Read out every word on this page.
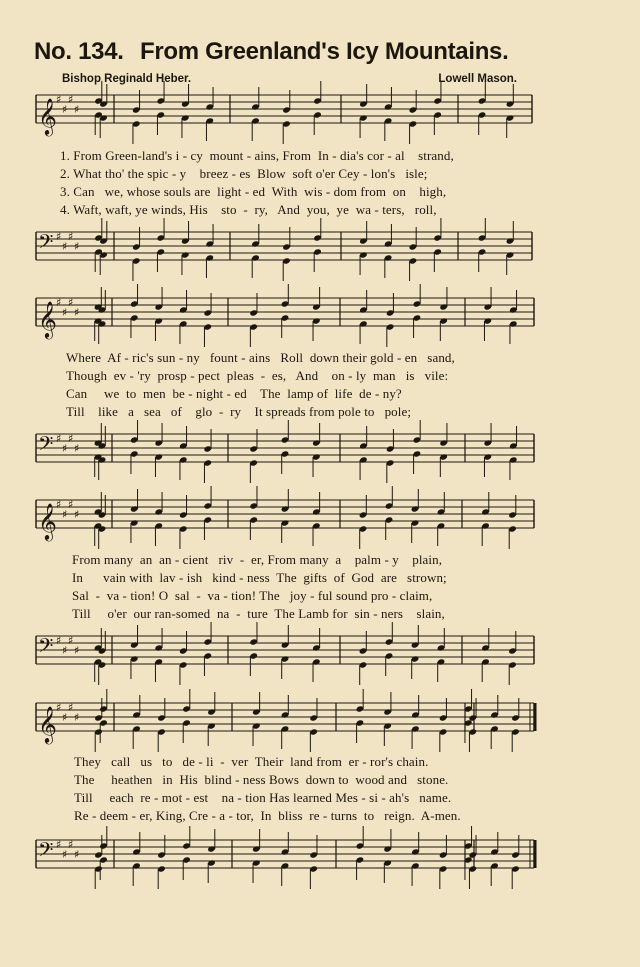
No. 134. From Greenland's Icy Mountains.
Bishop Reginald Heber.	Lowell Mason.
𝄞 ♯
♯
♯
♯
𝄢 ♯
♯
♯
♯
𝄞 ♯
♯
♯
♯
𝄢 ♯
♯
♯
♯
𝄞 ♯
♯
♯
♯
𝄢 ♯
♯
♯
♯
𝄞 ♯
♯
♯
♯
𝄢 ♯
♯
♯
♯
1. From Green-land's i - cy  mount - ains, From  In - dia's cor - al    strand,
2. What tho' the spic - y    breez - es  Blow  soft o'er Cey - lon's   isle;
3. Can   we, whose souls are  light - ed  With  wis - dom from  on    high,
4. Waft, waft, ye winds, His    sto  -  ry,   And  you,  ye  wa - ters,   roll,
Where  Af - ric's sun - ny   fount - ains   Roll  down their gold - en   sand,
Though  ev - 'ry  prosp - pect  pleas  -  es,   And    on - ly  man   is   vile:
Can     we  to  men  be - night - ed    The  lamp of  life  de - ny?
Till    like   a   sea   of    glo  -  ry    It spreads from pole to   pole;
From many  an  an - cient   riv  -  er, From many  a    palm - y    plain,
In      vain with  lav - ish   kind - ness  The  gifts  of  God  are   strown;
Sal  -  va - tion! O  sal  -  va - tion! The   joy - ful sound pro - claim,
Till     o'er  our ran-somed  na  -  ture  The Lamb for  sin - ners    slain,
They   call   us   to   de - li  -  ver  Their  land from  er - ror's chain.
The     heathen   in  His  blind - ness Bows  down to  wood and   stone.
Till     each  re - mot - est    na - tion Has learned Mes - si - ah's   name.
Re - deem - er, King, Cre - a - tor,  In  bliss  re - turns  to   reign.  A-men.
